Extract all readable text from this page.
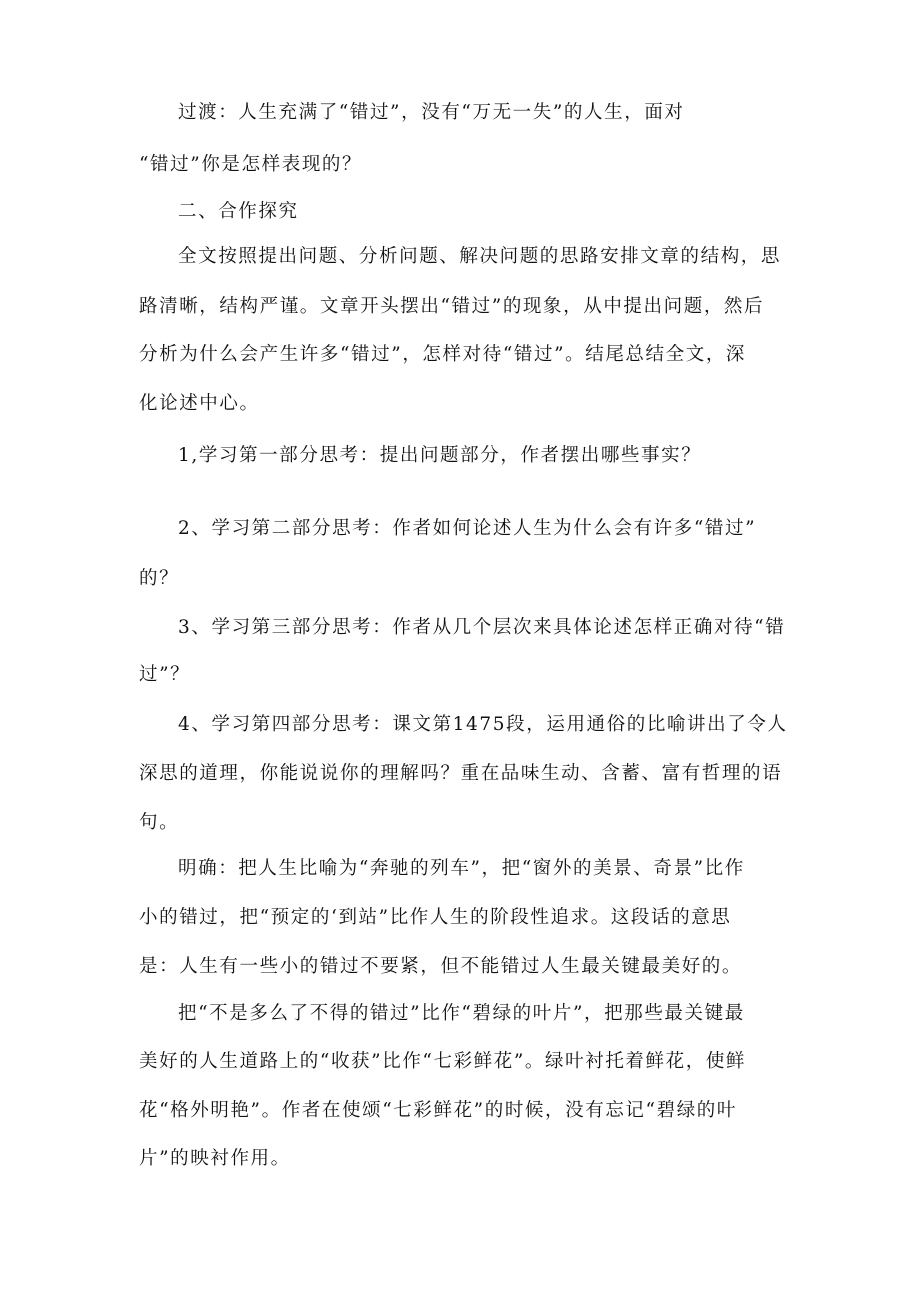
过渡：人生充满了“错过”，没有“万无一失”的人生，面对
“错过”你是怎样表现的？
二、合作探究
全文按照提出问题、分析问题、解决问题的思路安排文章的结构，思
路清晰，结构严谨。文章开头摆出“错过”的现象，从中提出问题，然后
分析为什么会产生许多“错过”，怎样对待“错过”。结尾总结全文，深
化论述中心。
1,学习第一部分思考：提出问题部分，作者摆出哪些事实？
2、学习第二部分思考：作者如何论述人生为什么会有许多“错过”
的？
3、学习第三部分思考：作者从几个层次来具体论述怎样正确对待“错
过”？
4、学习第四部分思考：课文第1475段，运用通俗的比喻讲出了令人
深思的道理，你能说说你的理解吗？重在品味生动、含蓄、富有哲理的语
句。
明确：把人生比喻为“奔驰的列车”，把“窗外的美景、奇景”比作
小的错过，把“预定的‘到站”比作人生的阶段性追求。这段话的意思
是：人生有一些小的错过不要紧，但不能错过人生最关键最美好的。
把“不是多么了不得的错过”比作“碧绿的叶片”，把那些最关键最
美好的人生道路上的“收获”比作“七彩鲜花”。绿叶衬托着鲜花，使鲜
花“格外明艳”。作者在使颂“七彩鲜花”的时候，没有忘记“碧绿的叶
片”的映衬作用。
